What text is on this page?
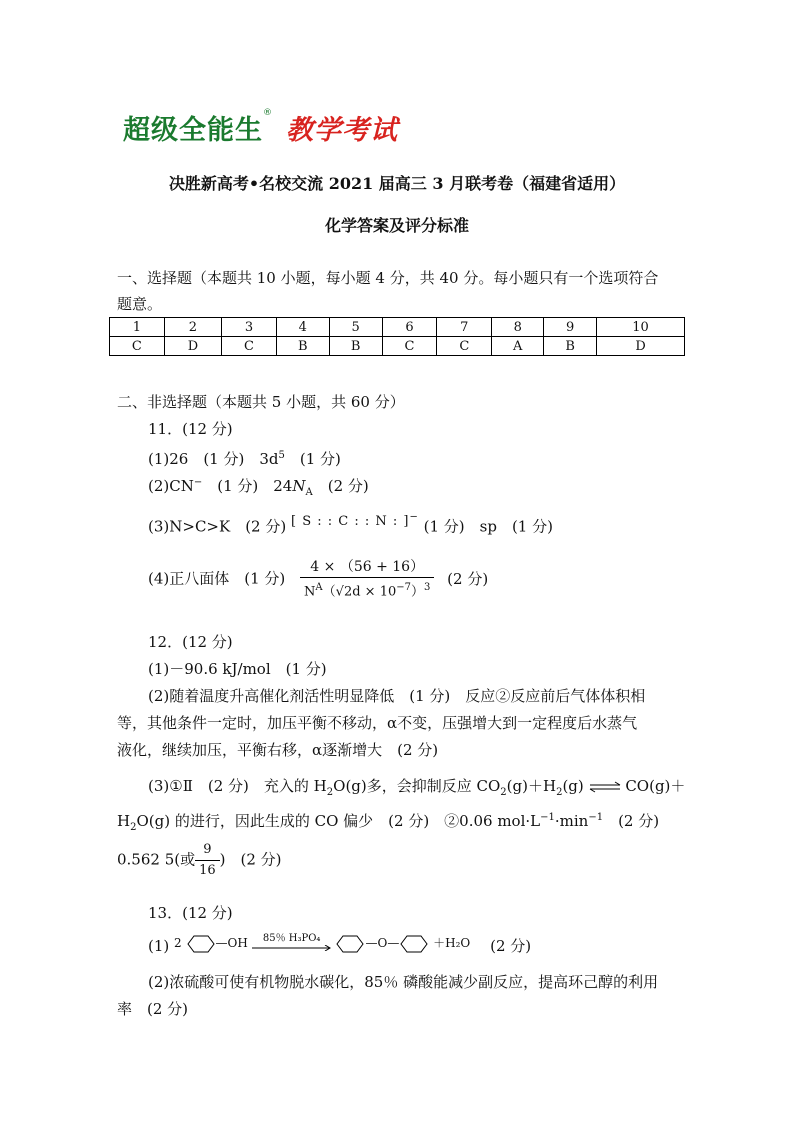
超级全能生®教学考试
决胜新高考•名校交流 2021 届高三 3 月联考卷（福建省适用）
化学答案及评分标准
一、选择题（本题共 10 小题，每小题 4 分，共 40 分。每小题只有一个选项符合
题意。
1	2	3	4	5	6	7	8	9	10
C	D	C	B	B	C	C	A	B	D
二、非选择题（本题共 5 小题，共 60 分）
11．(12 分)
(1)26　(1 分)　$3d^5$　(1 分)
(2)CN−　(1 分)　$24N_A$　(2 分)
(3)N>C>K　(2 分) [ S : : C : : N : ]− (1 分)　sp　(1 分)
(4)正八面体　(1 分) $\frac{4 \times (56 + 16)}{N^A(√2d \times 10^{-7})^3} (2$ 分)
12．(12 分)
(1)－90.6 kJ/mol　(1 分)
(2)随着温度升高催化剂活性明显降低　(1 分)　反应②反应前后气体体积相
等，其他条件一定时，加压平衡不移动，α不变，压强增大到一定程度后水蒸气
液化，继续加压，平衡右移，α逐渐增大　(2 分)
(3)①Ⅱ　(2 分)　充入的 $H_2O(g)$多，会抑制反应 $CO_2(g)+H_2(g)$ ⇌ CO(g)＋
$H_2O(g)$ 的进行，因此生成的 CO 偏少　(2 分)　②0.06 $mol\cdot L^{-1}\cdot\min^{-1}$　(2 分)
0.562 5(或 $\frac{9}{16}$ )　(2 分)
13．(12 分)
(1) $^{2 —OH ^{85\% H_3PO_4} —O— +H_2O}$ (2 分)
(2)浓硫酸可使有机物脱水碳化，85％ 磷酸能减少副反应，提高环己醇的利用
率　(2 分)
